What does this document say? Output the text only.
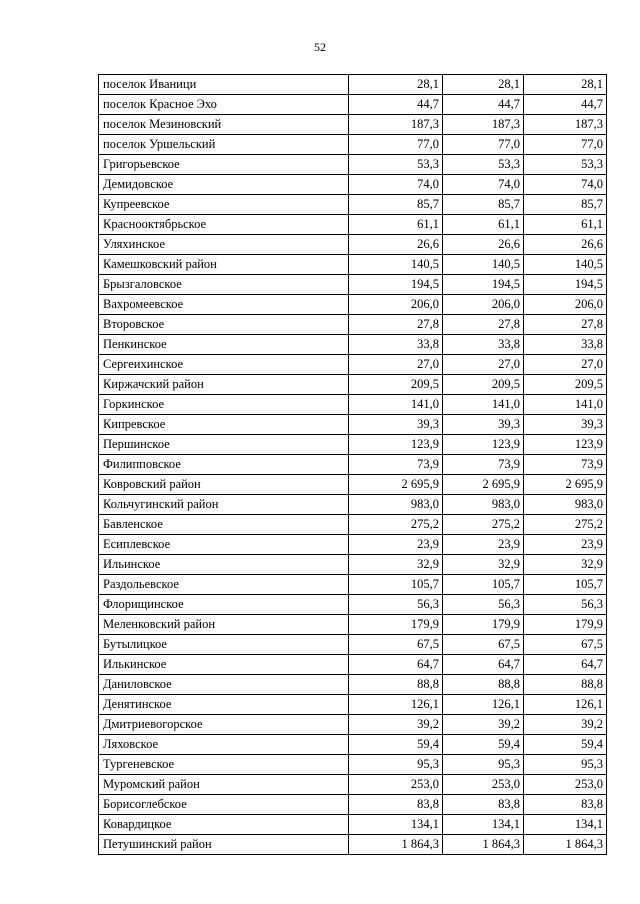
52
поселок Иваници	28,1	28,1	28,1
поселок Красное Эхо	44,7	44,7	44,7
поселок Мезиновский	187,3	187,3	187,3
поселок Уршельский	77,0	77,0	77,0
Григорьевское	53,3	53,3	53,3
Демидовское	74,0	74,0	74,0
Купреевское	85,7	85,7	85,7
Краснооктябрьское	61,1	61,1	61,1
Уляхинское	26,6	26,6	26,6
Камешковский район	140,5	140,5	140,5
Брызгаловское	194,5	194,5	194,5
Вахромеевское	206,0	206,0	206,0
Второвское	27,8	27,8	27,8
Пенкинское	33,8	33,8	33,8
Сергеихинское	27,0	27,0	27,0
Киржачский район	209,5	209,5	209,5
Горкинское	141,0	141,0	141,0
Кипревское	39,3	39,3	39,3
Першинское	123,9	123,9	123,9
Филипповское	73,9	73,9	73,9
Ковровский район	2 695,9	2 695,9	2 695,9
Кольчугинский район	983,0	983,0	983,0
Бавленское	275,2	275,2	275,2
Есиплевское	23,9	23,9	23,9
Ильинское	32,9	32,9	32,9
Раздольевское	105,7	105,7	105,7
Флорищинское	56,3	56,3	56,3
Меленковский район	179,9	179,9	179,9
Бутылицкое	67,5	67,5	67,5
Илькинское	64,7	64,7	64,7
Даниловское	88,8	88,8	88,8
Денятинское	126,1	126,1	126,1
Дмитриевогорское	39,2	39,2	39,2
Ляховское	59,4	59,4	59,4
Тургеневское	95,3	95,3	95,3
Муромский район	253,0	253,0	253,0
Борисоглебское	83,8	83,8	83,8
Ковардицкое	134,1	134,1	134,1
Петушинский район	1 864,3	1 864,3	1 864,3
